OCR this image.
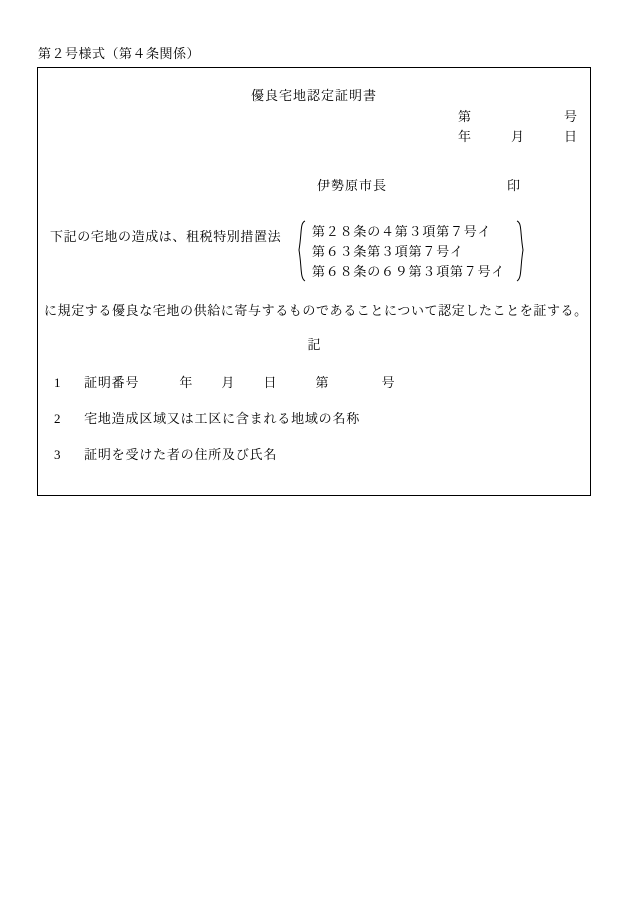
第２号様式（第４条関係）
優良宅地認定証明書
第	号
年	月	日
伊勢原市長	印
下記の宅地の造成は、租税特別措置法 第２８条の４第３項第７号イ
第６３条第３項第７号イ
第６８条の６９第３項第７号イ
に規定する優良な宅地の供給に寄与するものであることについて認定したことを証する。
記
1 証明番号	年 月 日	第	号
2 宅地造成区域又は工区に含まれる地域の名称
3 証明を受けた者の住所及び氏名
